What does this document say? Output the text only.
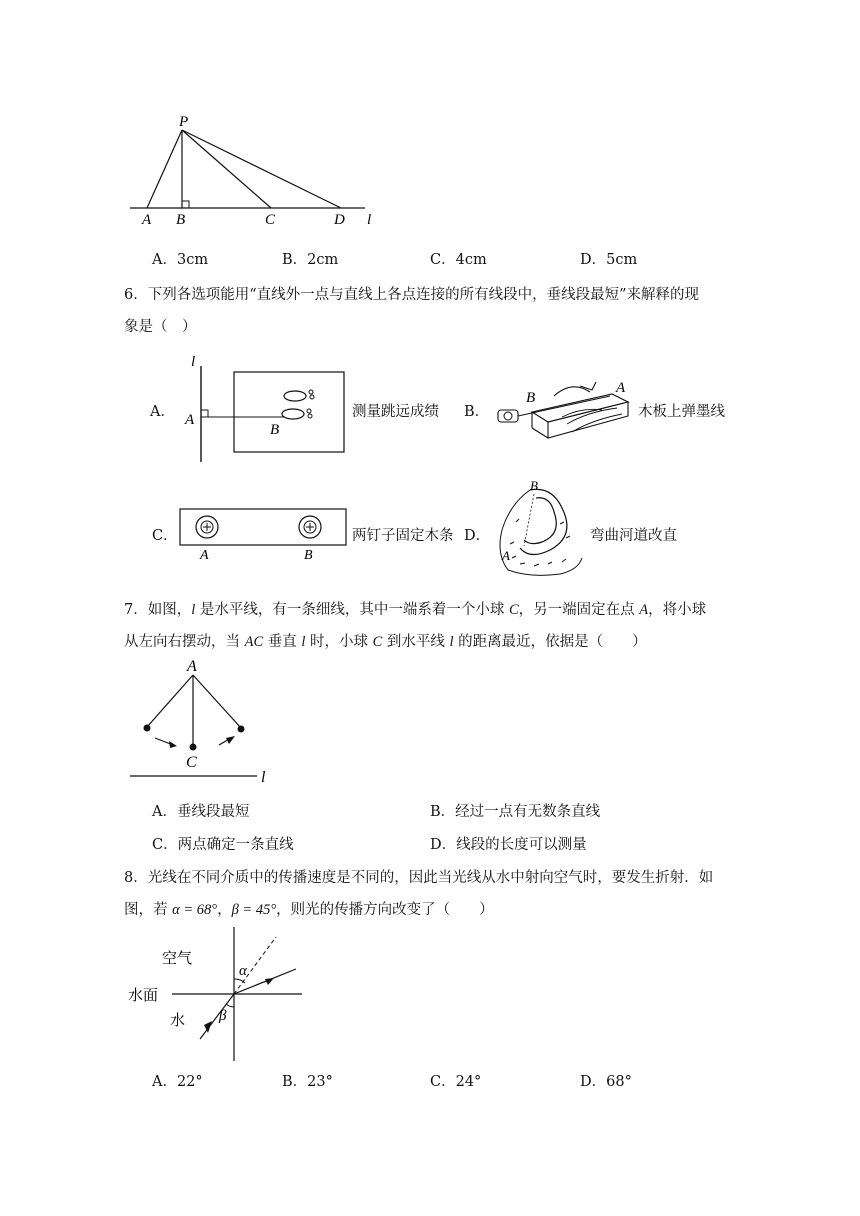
P
A B	C	D l
A．3cm	B．2cm	C．4cm	D．5cm
6．下列各选项能用“直线外一点与直线上各点连接的所有线段中，垂线段最短”来解释的现
象是（　）
A．
l
A
B
测量跳远成绩 B．
A
B
木板上弹墨线
C．
A	B
两钉子固定木条 D．
B
A
弯曲河道改直
7．如图，l 是水平线，有一条细线，其中一端系着一个小球 C，另一端固定在点 A，将小球
从左向右摆动，当 AC 垂直 l 时，小球 C 到水平线 l 的距离最近，依据是（　　）
A
C
l
A．垂线段最短	B．经过一点有无数条直线
C．两点确定一条直线	D．线段的长度可以测量
8．光线在不同介质中的传播速度是不同的，因此当光线从水中射向空气时，要发生折射．如
图，若 α = 68°，β = 45°，则光的传播方向改变了（　　）
空气
水面
水
α
β
A．22°	B．23°	C．24°	D．68°
